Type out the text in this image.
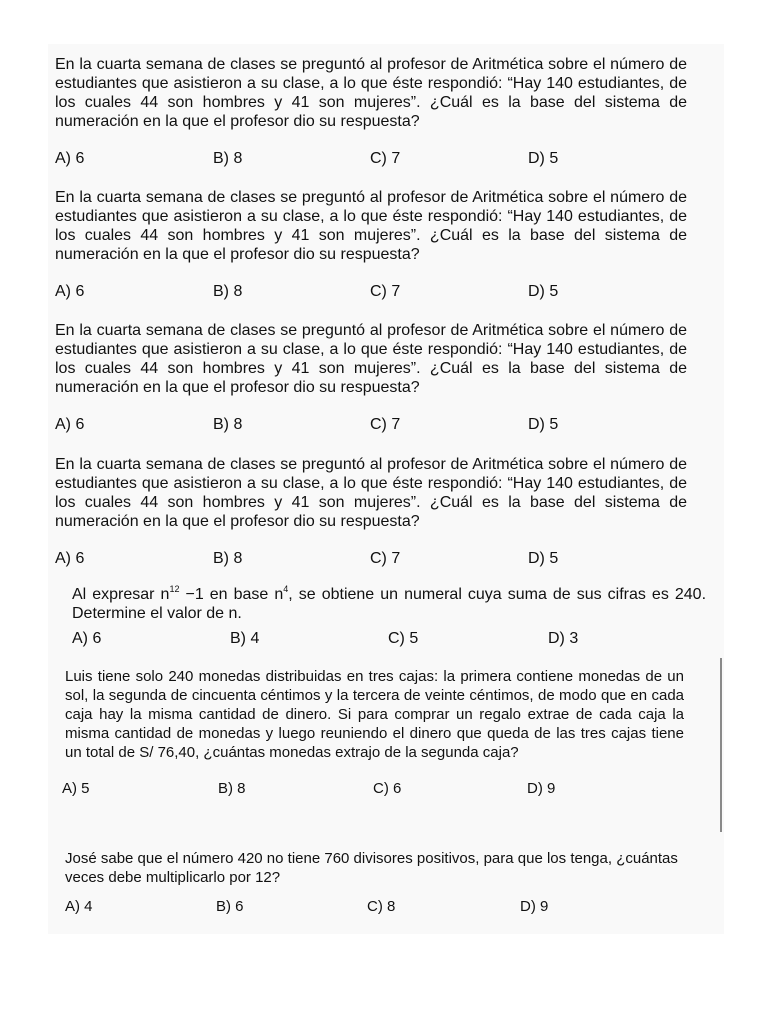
En la cuarta semana de clases se preguntó al profesor de Aritmética sobre el número de estudiantes que asistieron a su clase, a lo que éste respondió: “Hay 140 estudiantes, de los cuales 44 son hombres y 41 son mujeres”. ¿Cuál es la base del sistema de numeración en la que el profesor dio su respuesta?

A) 6	B) 8	C) 7	D) 5

En la cuarta semana de clases se preguntó al profesor de Aritmética sobre el número de estudiantes que asistieron a su clase, a lo que éste respondió: “Hay 140 estudiantes, de los cuales 44 son hombres y 41 son mujeres”. ¿Cuál es la base del sistema de numeración en la que el profesor dio su respuesta?

A) 6	B) 8	C) 7	D) 5

En la cuarta semana de clases se preguntó al profesor de Aritmética sobre el número de estudiantes que asistieron a su clase, a lo que éste respondió: “Hay 140 estudiantes, de los cuales 44 son hombres y 41 son mujeres”. ¿Cuál es la base del sistema de numeración en la que el profesor dio su respuesta?

A) 6	B) 8	C) 7	D) 5

En la cuarta semana de clases se preguntó al profesor de Aritmética sobre el número de estudiantes que asistieron a su clase, a lo que éste respondió: “Hay 140 estudiantes, de los cuales 44 son hombres y 41 son mujeres”. ¿Cuál es la base del sistema de numeración en la que el profesor dio su respuesta?

A) 6	B) 8	C) 7	D) 5

Al expresar $n^{12} -1$ en base $n^4$, se obtiene un numeral cuya suma de sus cifras es 240. Determine el valor de n.

A) 6	B) 4	C) 5	D) 3

Luis tiene solo 240 monedas distribuidas en tres cajas: la primera contiene monedas de un sol, la segunda de cincuenta céntimos y la tercera de veinte céntimos, de modo que en cada caja hay la misma cantidad de dinero. Si para comprar un regalo extrae de cada caja la misma cantidad de monedas y luego reuniendo el dinero que queda de las tres cajas tiene un total de S/ 76,40, ¿cuántas monedas extrajo de la segunda caja?

A) 5	B) 8	C) 6	D) 9

José sabe que el número 420 no tiene 760 divisores positivos, para que los tenga, ¿cuántas veces debe multiplicarlo por 12?

A) 4	B) 6	C) 8	D) 9
